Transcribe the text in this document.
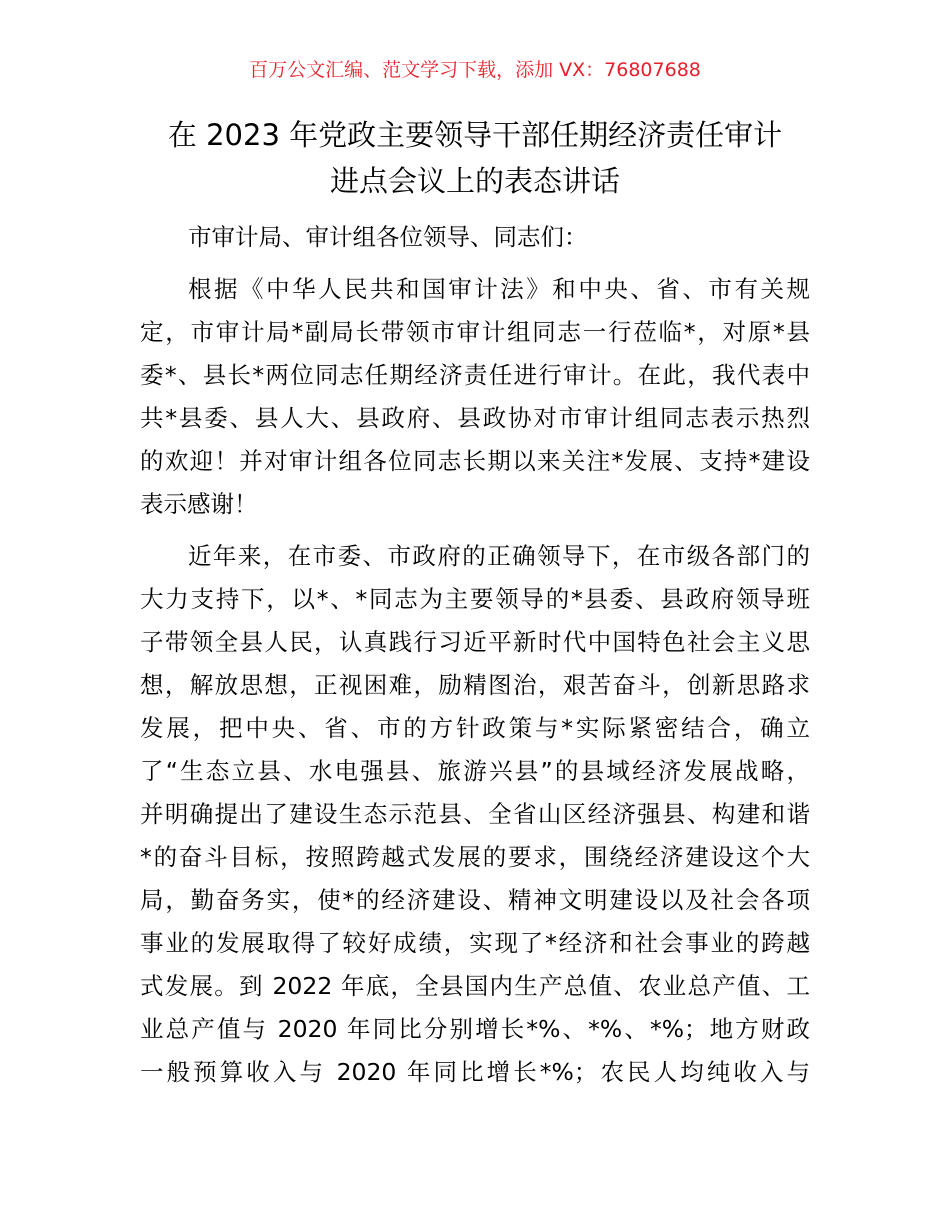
百万公文汇编、范文学习下载，添加 VX：76807688
在 2023 年党政主要领导干部任期经济责任审计
进点会议上的表态讲话
市审计局、审计组各位领导、同志们：
根据《中华人民共和国审计法》和中央、省、市有关规
定，市审计局*副局长带领市审计组同志一行莅临*，对原*县
委*、县长*两位同志任期经济责任进行审计。在此，我代表中
共*县委、县人大、县政府、县政协对市审计组同志表示热烈
的欢迎！并对审计组各位同志长期以来关注*发展、支持*建设
表示感谢！
近年来，在市委、市政府的正确领导下，在市级各部门的
大力支持下，以*、*同志为主要领导的*县委、县政府领导班
子带领全县人民，认真践行习近平新时代中国特色社会主义思
想，解放思想，正视困难，励精图治，艰苦奋斗，创新思路求
发展，把中央、省、市的方针政策与*实际紧密结合，确立
了“生态立县、水电强县、旅游兴县”的县域经济发展战略，
并明确提出了建设生态示范县、全省山区经济强县、构建和谐
*的奋斗目标，按照跨越式发展的要求，围绕经济建设这个大
局，勤奋务实，使*的经济建设、精神文明建设以及社会各项
事业的发展取得了较好成绩，实现了*经济和社会事业的跨越
式发展。到 2022 年底，全县国内生产总值、农业总产值、工
业总产值与 2020 年同比分别增长*%、*%、*%；地方财政
一般预算收入与 2020 年同比增长*%；农民人均纯收入与
